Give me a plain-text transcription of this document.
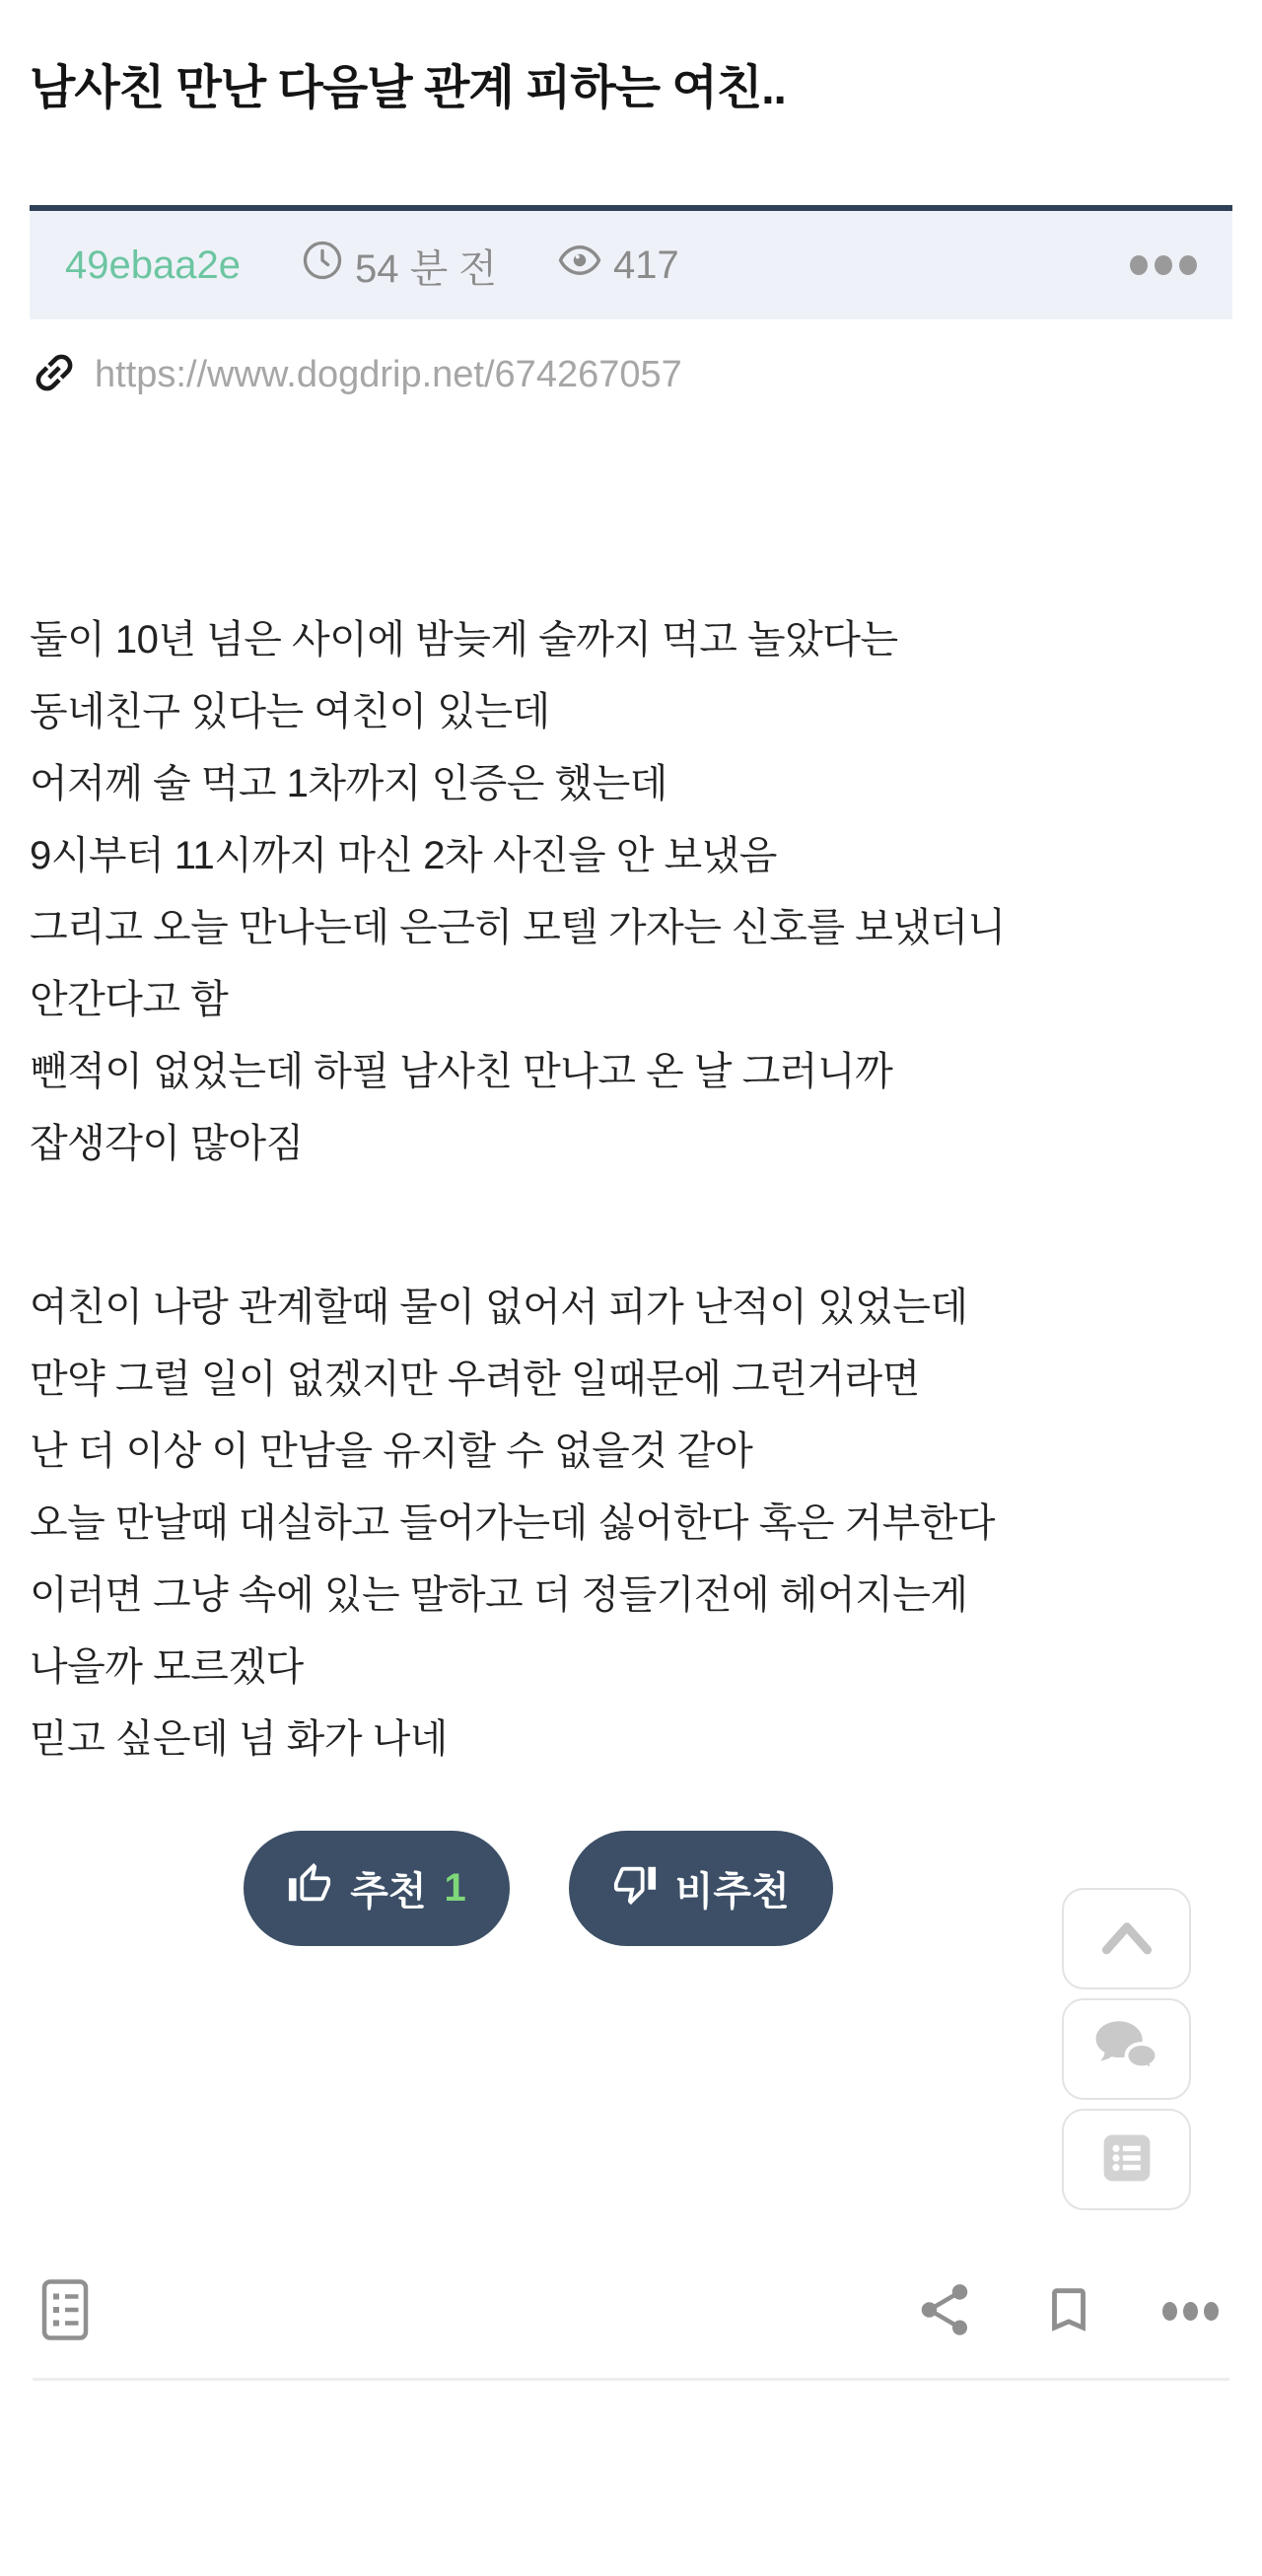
남사친 만난 다음날 관계 피하는 여친..
49ebaa2e	54 분 전	417
https://www.dogdrip.net/674267057
둘이 10년 넘은 사이에 밤늦게 술까지 먹고 놀았다는
동네친구 있다는 여친이 있는데
어저께 술 먹고 1차까지 인증은 했는데
9시부터 11시까지 마신 2차 사진을 안 보냈음
그리고 오늘 만나는데 은근히 모텔 가자는 신호를 보냈더니
안간다고 함
뺀적이 없었는데 하필 남사친 만나고 온 날 그러니까
잡생각이 많아짐
여친이 나랑 관계할때 물이 없어서 피가 난적이 있었는데
만약 그럴 일이 없겠지만 우려한 일때문에 그런거라면
난 더 이상 이 만남을 유지할 수 없을것 같아
오늘 만날때 대실하고 들어가는데 싫어한다 혹은 거부한다
이러면 그냥 속에 있는 말하고 더 정들기전에 헤어지는게
나을까 모르겠다
믿고 싶은데 넘 화가 나네
추천 1	비추천
